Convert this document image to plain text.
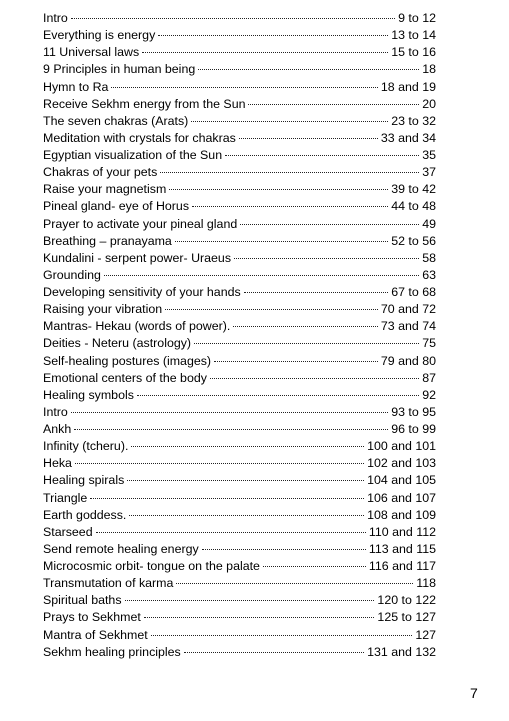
Intro	9 to 12
Everything is energy	13 to 14
11 Universal laws	15 to 16
9 Principles in human being	18
Hymn to Ra	18 and 19
Receive Sekhm energy from the Sun	20
The seven chakras (Arats)	23 to 32
Meditation with crystals for chakras	33 and 34
Egyptian visualization of the Sun	35
Chakras of your pets	37
Raise your magnetism	39 to 42
Pineal gland- eye of Horus	44 to 48
Prayer to activate your pineal gland	49
Breathing – pranayama	52 to 56
Kundalini - serpent power- Uraeus	58
Grounding	63
Developing sensitivity of your hands	67 to 68
Raising your vibration	70 and 72
Mantras- Hekau (words of power).	73 and 74
Deities - Neteru (astrology)	75
Self-healing postures (images)	79 and 80
Emotional centers of the body	87
Healing symbols	92
Intro	93 to 95
Ankh	96 to 99
Infinity (tcheru).	100 and 101
Heka	102 and 103
Healing spirals	104 and 105
Triangle	106 and 107
Earth goddess.	108 and 109
Starseed	110 and 112
Send remote healing energy	113 and 115
Microcosmic orbit- tongue on the palate	116 and 117
Transmutation of karma	118
Spiritual baths	120 to 122
Prays to Sekhmet	125 to 127
Mantra of Sekhmet	127
Sekhm healing principles	131 and 132
7
